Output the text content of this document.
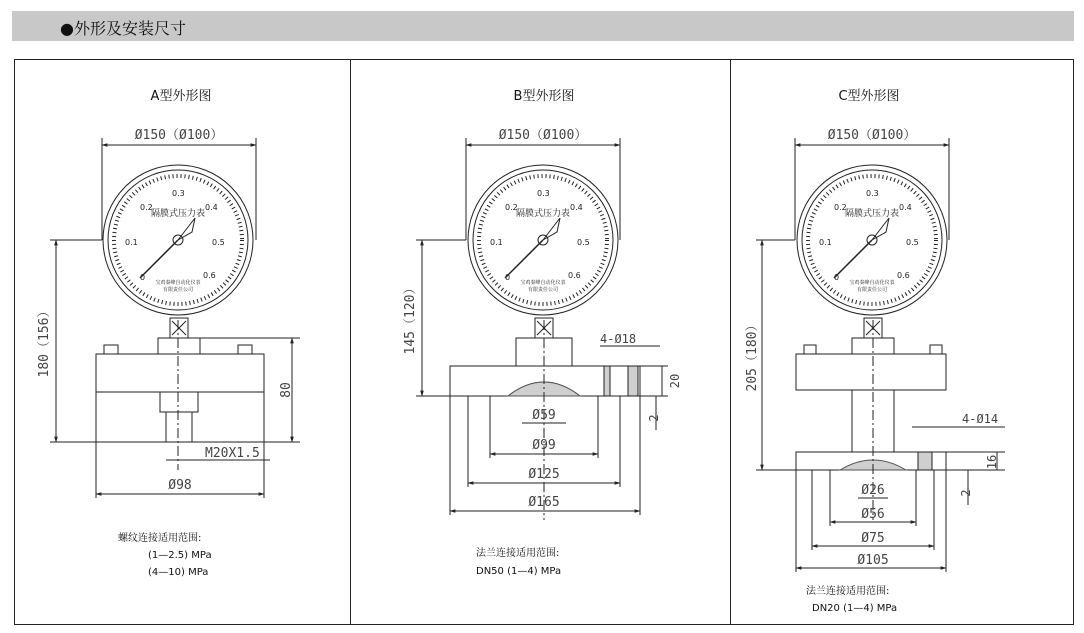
●外形及安装尺寸
A型外形图
Ø150（Ø100）
隔膜式压力表
0
0.1
0.2
0.3
0.4
0.5
0.6
宝鸡秦峰自动化仪表
有限责任公司
180（156）
80
M20X1.5
Ø98
螺纹连接适用范围:
(1—2.5) MPa
(4—10) MPa
B型外形图
Ø150（Ø100）
隔膜式压力表
0
0.1
0.2
0.3
0.4
0.5
0.6
宝鸡秦峰自动化仪表
有限责任公司
145（120）	4-Ø18
20
2
Ø59
Ø99
Ø125
Ø165
法兰连接适用范围:
DN50 (1—4) MPa
C型外形图
Ø150（Ø100）
隔膜式压力表
0
0.1
0.2
0.3
0.4
0.5
0.6
宝鸡秦峰自动化仪表
有限责任公司
205（180）
4-Ø14
16
2
Ø26
Ø56
Ø75
Ø105
法兰连接适用范围:
DN20 (1—4) MPa
